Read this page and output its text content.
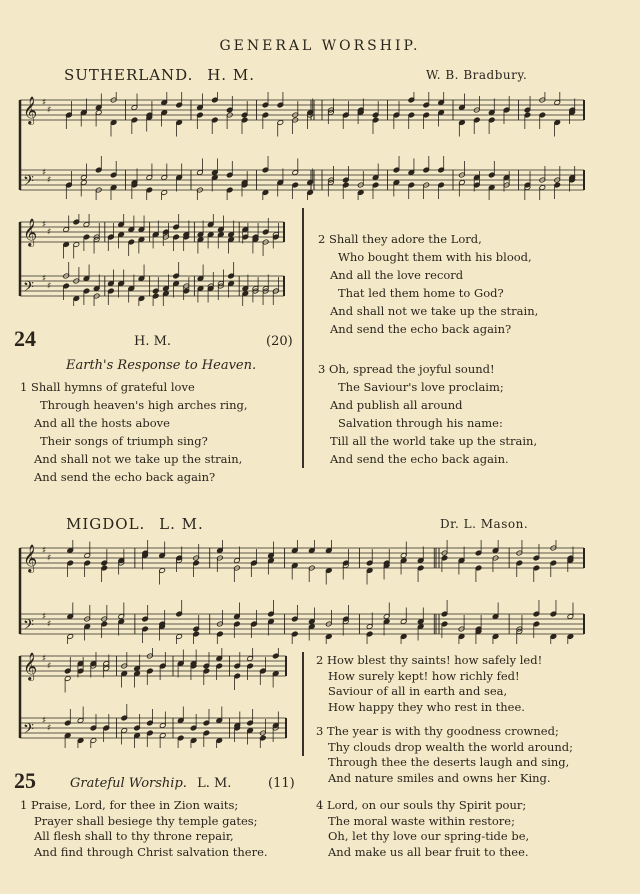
GENERAL WORSHIP.
SUTHERLAND. H. M.	W. B. Bradbury.
𝄞 ♯
♯
𝄢 ♯
♯
𝄞 ♯
♯
𝄢 ♯
♯
24	H. M.	(20)
Earth's Response to Heaven.
1 Shall hymns of grateful love
Through heaven's high arches ring,
And all the hosts above
Their songs of triumph sing?
And shall not we take up the strain,
And send the echo back again?
2 Shall they adore the Lord,
Who bought them with his blood,
And all the love record
That led them home to God?
And shall not we take up the strain,
And send the echo back again?
3 Oh, spread the joyful sound!
The Saviour's love proclaim;
And publish all around
Salvation through his name:
Till all the world take up the strain,
And send the echo back again.
MIGDOL. L. M.	Dr. L. Mason.
𝄞 ♯
♯
𝄢 ♯
♯
𝄞 ♯
♯
𝄢 ♯
♯
2 How blest thy saints! how safely led!
How surely kept! how richly fed!
Saviour of all in earth and sea,
How happy they who rest in thee.
3 The year is with thy goodness crowned;
Thy clouds drop wealth the world around;
Through thee the deserts laugh and sing,
And nature smiles and owns her King.
25	Grateful Worship. L. M.	(11)
1 Praise, Lord, for thee in Zion waits;
Prayer shall besiege thy temple gates;
All flesh shall to thy throne repair,
And find through Christ salvation there.
4 Lord, on our souls thy Spirit pour;
The moral waste within restore;
Oh, let thy love our spring-tide be,
And make us all bear fruit to thee.
